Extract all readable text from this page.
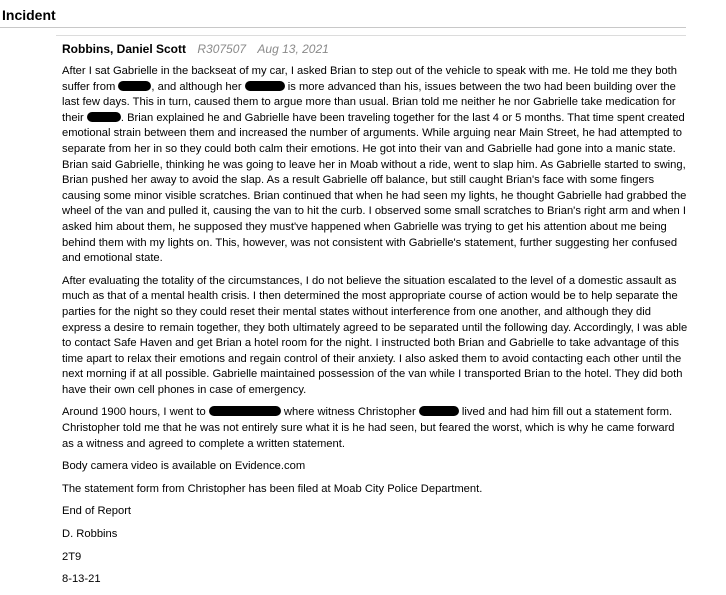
Incident
Robbins, Daniel Scott R307507 Aug 13, 2021

After I sat Gabrielle in the backseat of my car, I asked Brian to step out of the vehicle to speak with me. He told me they both suffer from	, and although her	is more advanced than his, issues between the two had been building over the last few days. This in turn, caused them to argue more than usual. Brian told me neither he nor Gabrielle take medication for their	. Brian explained he and Gabrielle have been traveling together for the last 4 or 5 months. That time spent created emotional strain between them and increased the number of arguments. While arguing near Main Street, he had attempted to separate from her in so they could both calm their emotions. He got into their van and Gabrielle had gone into a manic state. Brian said Gabrielle, thinking he was going to leave her in Moab without a ride, went to slap him. As Gabrielle started to swing, Brian pushed her away to avoid the slap. As a result Gabrielle off balance, but still caught Brian's face with some fingers causing some minor visible scratches. Brian continued that when he had seen my lights, he thought Gabrielle had grabbed the wheel of the van and pulled it, causing the van to hit the curb. I observed some small scratches to Brian's right arm and when I asked him about them, he supposed they must've happened when Gabrielle was trying to get his attention about me being behind them with my lights on. This, however, was not consistent with Gabrielle's statement, further suggesting her confused and emotional state.

After evaluating the totality of the circumstances, I do not believe the situation escalated to the level of a domestic assault as much as that of a mental health crisis. I then determined the most appropriate course of action would be to help separate the parties for the night so they could reset their mental states without interference from one another, and although they did express a desire to remain together, they both ultimately agreed to be separated until the following day. Accordingly, I was able to contact Safe Haven and get Brian a hotel room for the night. I instructed both Brian and Gabrielle to take advantage of this time apart to relax their emotions and regain control of their anxiety. I also asked them to avoid contacting each other until the next morning if at all possible. Gabrielle maintained possession of the van while I transported Brian to the hotel. They did both have their own cell phones in case of emergency.

Around 1900 hours, I went to	where witness Christopher	lived and had him fill out a statement form. Christopher told me that he was not entirely sure what it is he had seen, but feared the worst, which is why he came forward as a witness and agreed to complete a written statement.

Body camera video is available on Evidence.com

The statement form from Christopher has been filed at Moab City Police Department.

End of Report

D. Robbins

2T9

8-13-21
